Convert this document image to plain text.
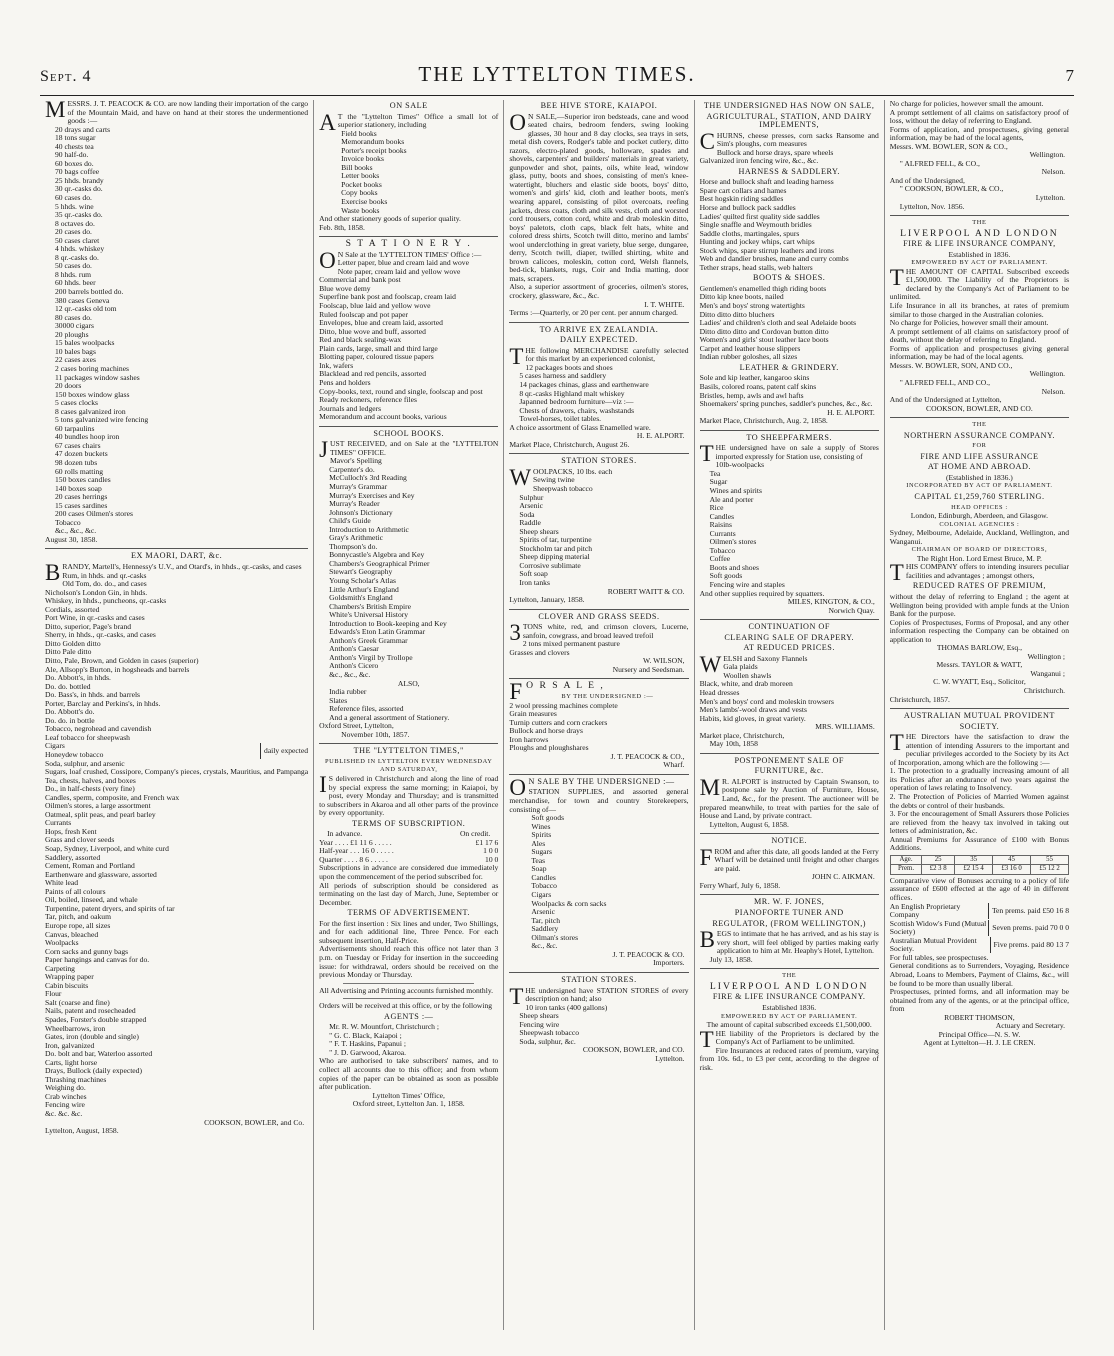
Sept. 4	THE LYTTELTON TIMES.	7
MESSRS. J. T. PEACOCK & CO. are now landing their importation of the cargo of the Mountain Maid, and have on hand at their stores the undermentioned goods :—
20 drays and carts
18 tons sugar
40 chests tea
90 half-do.
60 boxes do.
70 bags coffee
25 hhds. brandy
30 qr.-casks do.
60 cases do.
5 hhds. wine
35 qr.-casks do.
8 octaves do.
20 cases do.
50 cases claret
4 hhds. whiskey
8 qr.-casks do.
50 cases do.
8 hhds. rum
60 hhds. beer
200 barrels bottled do.
380 cases Geneva
12 qr.-casks old tom
80 cases do.
30000 cigars
20 ploughs
15 bales woolpacks
10 bales bags
22 cases axes
2 cases boring machines
11 packages window sashes
20 doors
150 boxes window glass
5 cases clocks
8 cases galvanized iron
5 tons galvanized wire fencing
60 tarpaulins
40 bundles hoop iron
67 cases chairs
47 dozen buckets
98 dozen tubs
60 rolls matting
150 boxes candles
140 boxes soap
20 cases herrings
15 cases sardines
200 cases Oilmen's stores
Tobacco
&c., &c., &c.
August 30, 1858.
EX MAORI, DART, &c.
BRANDY, Martell's, Hennessy's U.V., and Otard's, in hhds., qr.-casks, and cases
Rum, in hhds. and qr.-casks
Old Tom, do. do., and cases
Nicholson's London Gin, in hhds.
Whiskey, in hhds., puncheons, qr.-casks
Cordials, assorted
Port Wine, in qr.-casks and cases
Ditto, superior, Page's brand
Sherry, in hhds., qr.-casks, and cases
Ditto Golden ditto
Ditto Pale ditto
Ditto, Pale, Brown, and Golden in cases (superior)
Ale, Allsopp's Burton, in hogsheads and barrels
Do. Abbott's, in hhds.
Do. do. bottled
Do. Bass's, in hhds. and barrels
Porter, Barclay and Perkins's, in hhds.
Do. Abbott's do.
Do. do. in bottle
Tobacco, negrohead and cavendish
Leaf tobacco for sheepwash
Cigars
Honeydew tobacco	daily expected
Soda, sulphur, and arsenic
Sugars, loaf crushed, Cossipore, Company's pieces, crystals, Mauritius, and Pampanga
Tea, chests, halves, and boxes
Do., in half-chests (very fine)
Candles, sperm, composite, and French wax
Oilmen's stores, a large assortment
Oatmeal, split peas, and pearl barley
Currants
Hops, fresh Kent
Grass and clover seeds
Soap, Sydney, Liverpool, and white curd
Saddlery, assorted
Cement, Roman and Portland
Earthenware and glassware, assorted
White lead
Paints of all colours
Oil, boiled, linseed, and whale
Turpentine, patent dryers, and spirits of tar
Tar, pitch, and oakum
Europe rope, all sizes
Canvas, bleached
Woolpacks
Corn sacks and gunny bags
Paper hangings and canvas for do.
Carpeting
Wrapping paper
Cabin biscuits
Flour
Salt (coarse and fine)
Nails, patent and rosecheaded
Spades, Forster's double strapped
Wheelbarrows, iron
Gates, iron (double and single)
Iron, galvanized
Do. bolt and bar, Waterloo assorted
Carts, light horse
Drays, Bullock (daily expected)
Thrashing machines
Weighing do.
Crab winches
Fencing wire
&c. &c. &c.
COOKSON, BOWLER, and Co.
Lyttelton, August, 1858.
ON SALE
AT the "Lyttelton Times" Office a small lot of superior stationery, including
Field books
Memorandum books
Porter's receipt books
Invoice books
Bill books
Letter books
Pocket books
Copy books
Exercise books
Waste books
And other stationery goods of superior quality.
Feb. 8th, 1858.
S T A T I O N E R Y .
ON Sale at the 'LYTTELTON TIMES' Office :—
Letter paper, blue and cream laid and wove
Note paper, cream laid and yellow wove
Commercial and bank post
Blue wove demy
Superfine bank post and foolscap, cream laid
Foolscap, blue laid and yellow wove
Ruled foolscap and pot paper
Envelopes, blue and cream laid, assorted
Ditto, blue wove and buff, assorted
Red and black sealing-wax
Plain cards, large, small and third large
Blotting paper, coloured tissue papers
Ink, wafers
Blacklead and red pencils, assorted
Pens and holders
Copy-books, text, round and single, foolscap and post
Ready reckoners, reference files
Journals and ledgers
Memorandum and account books, various
SCHOOL BOOKS.
JUST RECEIVED, and on Sale at the "LYTTELTON TIMES" OFFICE.
Mavor's Spelling
Carpenter's do.
McCulloch's 3rd Reading
Murray's Grammar
Murray's Exercises and Key
Murray's Reader
Johnson's Dictionary
Child's Guide
Introduction to Arithmetic
Gray's Arithmetic
Thompson's do.
Bonnycastle's Algebra and Key
Chambers's Geographical Primer
Stewart's Geography
Young Scholar's Atlas
Little Arthur's England
Goldsmith's England
Chambers's British Empire
White's Universal History
Introduction to Book-keeping and Key
Edwards's Eton Latin Grammar
Anthon's Greek Grammar
Anthon's Caesar
Anthon's Virgil by Trollope
Anthon's Cicero
&c., &c., &c.
ALSO,
India rubber
Slates
Reference files, assorted
And a general assortment of Stationery.
Oxford Street, Lyttelton,
November 10th, 1857.
THE "LYTTELTON TIMES,"
PUBLISHED IN LYTTELTON EVERY WEDNESDAY AND SATURDAY,
IS delivered in Christchurch and along the line of road by special express the same morning; in Kaiapoi, by post, every Monday and Thursday; and is transmitted to subscribers in Akaroa and all other parts of the province by every opportunity.
TERMS OF SUBSCRIPTION.
In advance.	On credit.
Year . . . . £1 11 6 . . . . .	£1 17 6
Half-year . . . 16 0 . . . . .	1 0 0
Quarter . . . . 8 6 . . . . .	10 0
Subscriptions in advance are considered due immediately upon the commencement of the period subscribed for.
All periods of subscription should be considered as terminating on the last day of March, June, September or December.
TERMS OF ADVERTISEMENT.
For the first insertion : Six lines and under, Two Shillings, and for each additional line, Three Pence. For each subsequent insertion, Half-Price.
Advertisements should reach this office not later than 3 p.m. on Tuesday or Friday for insertion in the succeeding issue: for withdrawal, orders should be received on the previous Monday or Thursday.
All Advertising and Printing accounts furnished monthly.
Orders will be received at this office, or by the following
AGENTS :—
Mr. R. W. Mountfort, Christchurch ;
" G. C. Black, Kaiapoi ;
" F. T. Haskins, Papanui ;
" J. D. Garwood, Akaroa.
Who are authorised to take subscribers' names, and to collect all accounts due to this office; and from whom copies of the paper can be obtained as soon as possible after publication.
Lyttelton Times' Office,
Oxford street, Lyttelton Jan. 1, 1858.
BEE HIVE STORE, KAIAPOI.
ON SALE,—Superior iron bedsteads, cane and wood seated chairs, bedroom fenders, swing looking glasses, 30 hour and 8 day clocks, sea trays in sets, metal dish covers, Rodger's table and pocket cutlery, ditto razors, electro-plated goods, holloware, spades and shovels, carpenters' and builders' materials in great variety, gunpowder and shot, paints, oils, white lead, window glass, putty, boots and shoes, consisting of men's knee-watertight, bluchers and elastic side boots, boys' ditto, women's and girls' kid, cloth and leather boots, men's wearing apparel, consisting of pilot overcoats, reefing jackets, dress coats, cloth and silk vests, cloth and worsted cord trousers, cotton cord, white and drab moleskin ditto, boys' paletots, cloth caps, black felt hats, white and colored dress shirts, Scotch twill ditto, merino and lambs' wool underclothing in great variety, blue serge, dungaree, derry, Scotch twill, diaper, twilled shirting, white and brown calicoes, moleskin, cotton cord, Welsh flannels, bed-tick, blankets, rugs, Coir and India matting, door mats, scrapers.
Also, a superior assortment of groceries, oilmen's stores, crockery, glassware, &c., &c.
I. T. WHITE.
Terms :—Quarterly, or 20 per cent. per annum charged.
TO ARRIVE EX ZEALANDIA.
DAILY EXPECTED.
THE following MERCHANDISE carefully selected for this market by an experienced colonist,
12 packages boots and shoes
5 cases harness and saddlery
14 packages chinas, glass and earthenware
8 qr.-casks Highland malt whiskey
Japanned bedroom furniture—viz :—
Chests of drawers, chairs, washstands
Towel-horses, toilet tables.
A choice assortment of Glass Enamelled ware.
H. E. ALPORT.
Market Place, Christchurch, August 26.
STATION STORES.
WOOLPACKS, 10 lbs. each
Sewing twine
Sheepwash tobacco
Sulphur
Arsenic
Soda
Raddle
Sheep shears
Spirits of tar, turpentine
Stockholm tar and pitch
Sheep dipping material
Corrosive sublimate
Soft soap
Iron tanks
ROBERT WAITT & CO.
Lyttelton, January, 1858.
CLOVER AND GRASS SEEDS.
3TONS white, red, and crimson clovers, Lucerne, sanfoin, cowgrass, and broad leaved trefoil
2 tons mixed permanent pasture
Grasses and clovers
W. WILSON,
Nursery and Seedsman.
FO R S A L E ,
BY THE UNDERSIGNED :—
2 wool pressing machines complete
Grain measures
Turnip cutters and corn crackers
Bullock and horse drays
Iron harrows
Ploughs and ploughshares
J. T. PEACOCK & CO.,
Wharf.
ON SALE BY THE UNDERSIGNED :—
STATION SUPPLIES, and assorted general merchandise, for town and country Storekeepers, consisting of—
Soft goods
Wines
Spirits
Ales
Sugars
Teas
Soap
Candles
Tobacco
Cigars
Woolpacks & corn sacks
Arsenic
Tar, pitch
Saddlery
Oilman's stores
&c., &c.
J. T. PEACOCK & CO.
Importers.
STATION STORES.
THE undersigned have STATION STORES of every description on hand; also
10 iron tanks (400 gallons)
Sheep shears
Fencing wire
Sheepwash tobacco
Soda, sulphur, &c.
COOKSON, BOWLER, and CO.
Lyttelton.
THE UNDERSIGNED HAS NOW ON SALE,
AGRICULTURAL, STATION, AND DAIRY IMPLEMENTS,
CHURNS, cheese presses, corn sacks Ransome and Sim's ploughs, corn measures
Bullock and horse drays, spare wheels
Galvanized iron fencing wire, &c., &c.
HARNESS & SADDLERY.
Horse and bullock shaft and leading harness
Spare cart collars and hames
Best hogskin riding saddles
Horse and bullock pack saddles
Ladies' quilted first quality side saddles
Single snaffle and Weymouth bridles
Saddle cloths, martingales, spurs
Hunting and jockey whips, cart whips
Stock whips, spare stirrup leathers and irons
Web and dandier brushes, mane and curry combs
Tether straps, head stalls, web halters
BOOTS & SHOES.
Gentlemen's enamelled thigh riding boots
Ditto kip knee boots, nailed
Men's and boys' strong watertights
Ditto ditto ditto bluchers
Ladies' and children's cloth and seal Adelaide boots
Ditto ditto ditto and Cordovan button ditto
Women's and girls' stout leather lace boots
Carpet and leather house slippers
Indian rubber goloshes, all sizes
LEATHER & GRINDERY.
Sole and kip leather, kangaroo skins
Basils, colored roans, patent calf skins
Bristles, hemp, awls and awl hafts
Shoemakers' spring punches, saddler's punches, &c., &c.
H. E. ALPORT.
Market Place, Christchurch, Aug. 2, 1858.
TO SHEEPFARMERS.
THE undersigned have on sale a supply of Stores imported expressly for Station use, consisting of
10lb-woolpacks
Tea
Sugar
Wines and spirits
Ale and porter
Rice
Candles
Raisins
Currants
Oilmen's stores
Tobacco
Coffee
Boots and shoes
Soft goods
Fencing wire and staples
And other supplies required by squatters.
MILES, KINGTON, & CO.,
Norwich Quay.
CONTINUATION OF
CLEARING SALE OF DRAPERY.
AT REDUCED PRICES.
WELSH and Saxony Flannels
Gala plaids
Woollen shawls
Black, white, and drab moreen
Head dresses
Men's and boys' cord and moleskin trowsers
Men's lambs'-wool draws and vests
Habits, kid gloves, in great variety.
MRS. WILLIAMS.
Market place, Christchurch,
May 10th, 1858
POSTPONEMENT SALE OF
FURNITURE, &c.
MR. ALPORT is instructed by Captain Swanson, to postpone sale by Auction of Furniture, House, Land, &c., for the present. The auctioneer will be prepared meanwhile, to treat with parties for the sale of House and Land, by private contract.
Lyttelton, August 6, 1858.
NOTICE.
FROM and after this date, all goods landed at the Ferry Wharf will be detained until freight and other charges are paid.
JOHN C. AIKMAN.
Ferry Wharf, July 6, 1858.
MR. W. F. JONES,
PIANOFORTE TUNER AND
REGULATOR, (FROM WELLINGTON,)
BEGS to intimate that he has arrived, and as his stay is very short, will feel obliged by parties making early application to him at Mr. Heaphy's Hotel, Lyttelton.
July 13, 1858.
THE
LIVERPOOL AND LONDON
FIRE & LIFE INSURANCE COMPANY.
Established 1836.
EMPOWERED BY ACT OF PARLIAMENT.
The amount of capital subscribed exceeds £1,500,000.
THE liability of the Proprietors is declared by the Company's Act of Parliament to be unlimited.
Fire Insurances at reduced rates of premium, varying from 10s. 6d., to £3 per cent, according to the degree of risk.
No charge for policies, however small the amount.
A prompt settlement of all claims on satisfactory proof of loss, without the delay of referring to England.
Forms of application, and prospectuses, giving general information, may be had of the local agents,
Messrs. WM. BOWLER, SON & CO.,
Wellington.
" ALFRED FELL, & CO.,
Nelson.
And of the Undersigned,
" COOKSON, BOWLER, & CO.,
Lyttelton.
Lyttelton, Nov. 1856.
THE
LIVERPOOL AND LONDON
FIRE & LIFE INSURANCE COMPANY,
Established in 1836.
EMPOWERED BY ACT OF PARLIAMENT.
THE AMOUNT OF CAPITAL Subscribed exceeds £1,500,000. The Liability of the Proprietors is declared by the Company's Act of Parliament to be unlimited.
Life Insurance in all its branches, at rates of premium similar to those charged in the Australian colonies.
No charge for Policies, however small their amount.
A prompt settlement of all claims on satisfactory proof of death, without the delay of referring to England.
Forms of application and prospectuses giving general information, may be had of the local agents.
Messrs. W. BOWLER, SON, AND CO.,
Wellington.
" ALFRED FELL, AND CO.,
Nelson.
And of the Undersigned at Lyttelton,
COOKSON, BOWLER, AND CO.
THE
NORTHERN ASSURANCE COMPANY.
FOR
FIRE AND LIFE ASSURANCE
AT HOME AND ABROAD.
(Established in 1836.)
INCORPORATED BY ACT OF PARLIAMENT.
CAPITAL £1,259,760 STERLING.
HEAD OFFICES :
London, Edinburgh, Aberdeen, and Glasgow.
COLONIAL AGENCIES :
Sydney, Melbourne, Adelaide, Auckland, Wellington, and Wanganui.
CHAIRMAN OF BOARD OF DIRECTORS,
The Right Hon. Lord Ernest Bruce, M. P.
THIS COMPANY offers to intending insurers peculiar facilities and advantages ; amongst others,
REDUCED RATES OF PREMIUM,
without the delay of referring to England ; the agent at Wellington being provided with ample funds at the Union Bank for the purpose.
Copies of Prospectuses, Forms of Proposal, and any other information respecting the Company can be obtained on application to
THOMAS BARLOW, Esq.,
Wellington ;
Messrs. TAYLOR & WATT,
Wanganui ;
C. W. WYATT, Esq., Solicitor,
Christchurch.
Christchurch, 1857.
AUSTRALIAN MUTUAL PROVIDENT
SOCIETY.
THE Directors have the satisfaction to draw the attention of intending Assurers to the important and peculiar privileges accorded to the Society by its Act of Incorporation, among which are the following :—
1. The protection to a gradually increasing amount of all its Policies after an endurance of two years against the operation of laws relating to Insolvency.
2. The Protection of Policies of Married Women against the debts or control of their husbands.
3. For the encouragement of Small Assurers those Policies are relieved from the heavy tax involved in taking out letters of administration, &c.
Annual Premiums for Assurance of £100 with Bonus Additions.
Age.	25	35	45	55
Prem.	£2 3 8	£2 15 4	£3 16 0	£5 12 2
Comparative view of Bonuses accruing to a policy of life assurance of £600 effected at the age of 40 in different offices.
An English Proprietary Company	Ten prems. paid £50 16 8
Scottish Widow's Fund (Mutual Society)	Seven prems. paid 70 0 0
Australian Mutual Provident Society.	Five prems. paid 80 13 7
For full tables, see prospectuses.
General conditions as to Surrenders, Voyaging, Residence Abroad, Loans to Members, Payment of Claims, &c., will be found to be more than usually liberal.
Prospectuses, printed forms, and all information may be obtained from any of the agents, or at the principal office, from
ROBERT THOMSON,
Actuary and Secretary.
Principal Office—N. S. W.
Agent at Lyttelton—H. J. LE CREN.
